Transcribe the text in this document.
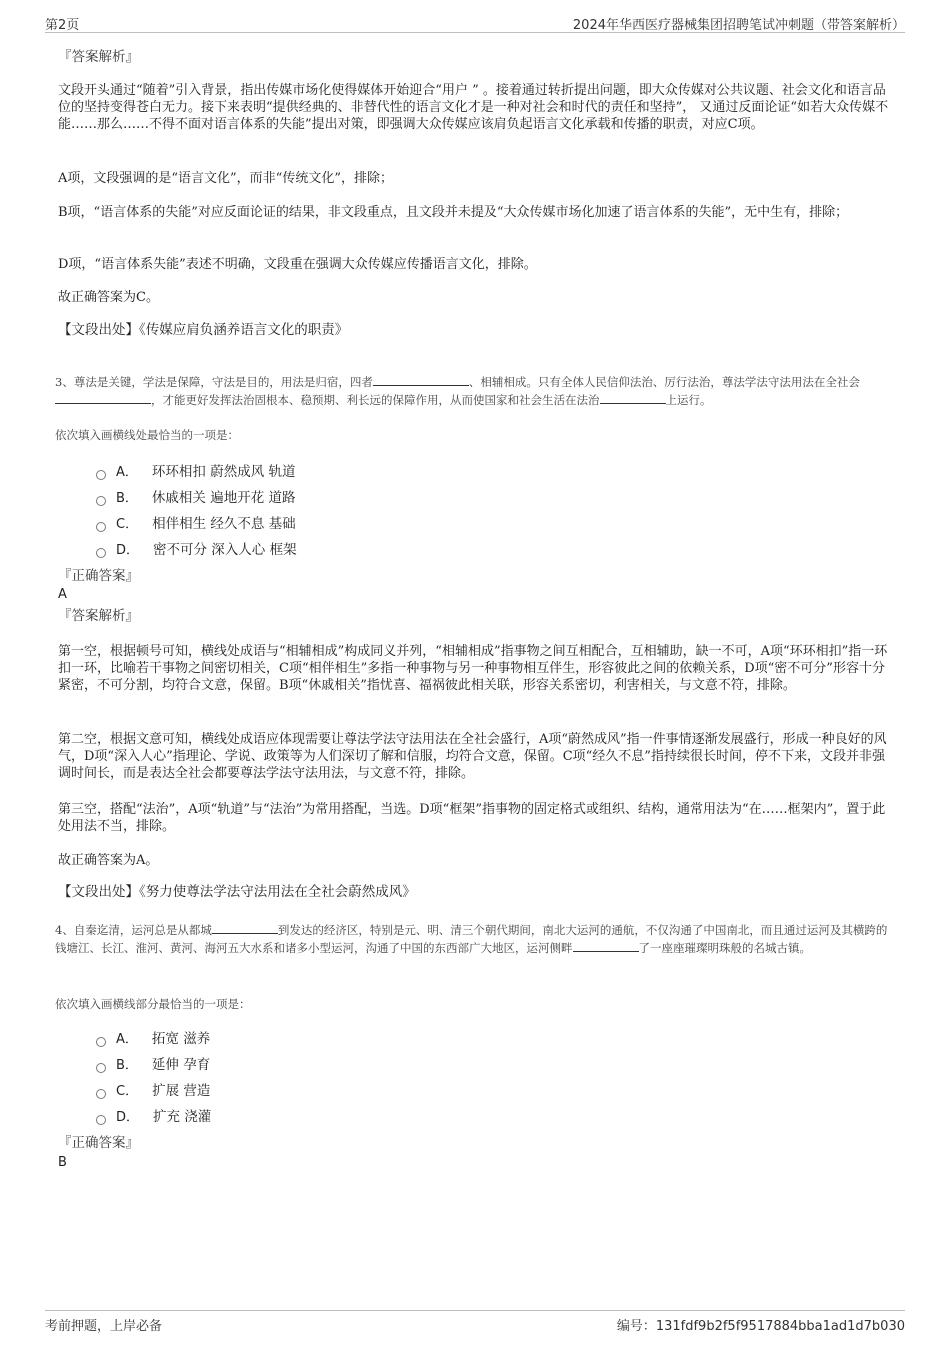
第2页	2024年华西医疗器械集团招聘笔试冲刺题（带答案解析）

『答案解析』

文段开头通过“随着”引入背景，指出传媒市场化使得媒体开始迎合“用户 ” 。接着通过转折提出问题，即大众传媒对公共议题、社会文化和语言品位的坚持变得苍白无力。接下来表明“提供经典的、非替代性的语言文化才是一种对社会和时代的责任和坚持”， 又通过反面论证“如若大众传媒不能……那么……不得不面对语言体系的失能”提出对策，即强调大众传媒应该肩负起语言文化承载和传播的职责，对应C项。

A项，文段强调的是“语言文化”，而非“传统文化”，排除；

B项，“语言体系的失能”对应反面论证的结果，非文段重点，且文段并未提及“大众传媒市场化加速了语言体系的失能”，无中生有，排除；

D项，“语言体系失能”表述不明确，文段重在强调大众传媒应传播语言文化，排除。

故正确答案为C。

【文段出处】《传媒应肩负涵养语言文化的职责》

3、尊法是关键，学法是保障，守法是目的，用法是归宿，四者	、相辅相成。只有全体人民信仰法治、厉行法治，尊法学法守法用法在全社会，才能更好发挥法治固根本、稳预期、利长远的保障作用，从而使国家和社会生活在法治	上运行。

依次填入画横线处最恰当的一项是：

A． 环环相扣 蔚然成风 轨道
B． 休戚相关 遍地开花 道路
C． 相伴相生 经久不息 基础
D． 密不可分 深入人心 框架

『正确答案』

A

『答案解析』

第一空，根据顿号可知，横线处成语与“相辅相成”构成同义并列，“相辅相成”指事物之间互相配合，互相辅助，缺一不可，A项“环环相扣”指一环扣一环，比喻若干事物之间密切相关，C项“相伴相生”多指一种事物与另一种事物相互伴生，形容彼此之间的依赖关系，D项“密不可分”形容十分紧密，不可分割，均符合文意，保留。B项“休戚相关”指忧喜、福祸彼此相关联，形容关系密切，利害相关，与文意不符，排除。

第二空，根据文意可知，横线处成语应体现需要让尊法学法守法用法在全社会盛行，A项“蔚然成风”指一件事情逐渐发展盛行，形成一种良好的风气，D项“深入人心”指理论、学说、政策等为人们深切了解和信服，均符合文意，保留。C项“经久不息”指持续很长时间，停不下来，文段并非强调时间长，而是表达全社会都要尊法学法守法用法，与文意不符，排除。

第三空，搭配“法治”，A项“轨道”与“法治”为常用搭配，当选。D项“框架”指事物的固定格式或组织、结构，通常用法为“在……框架内”，置于此处用法不当，排除。

故正确答案为A。

【文段出处】《努力使尊法学法守法用法在全社会蔚然成风》

4、自秦迄清，运河总是从都城	到发达的经济区，特别是元、明、清三个朝代期间，南北大运河的通航，不仅沟通了中国南北，而且通过运河及其横跨的钱塘江、长江、淮河、黄河、海河五大水系和诸多小型运河，沟通了中国的东西部广大地区，运河侧畔	了一座座璀璨明珠般的名城古镇。

依次填入画横线部分最恰当的一项是：

A． 拓宽 滋养
B． 延伸 孕育
C． 扩展 营造
D． 扩充 浇灌

『正确答案』

B

考前押题，上岸必备	编号：131fdf9b2f5f9517884bba1ad1d7b030
